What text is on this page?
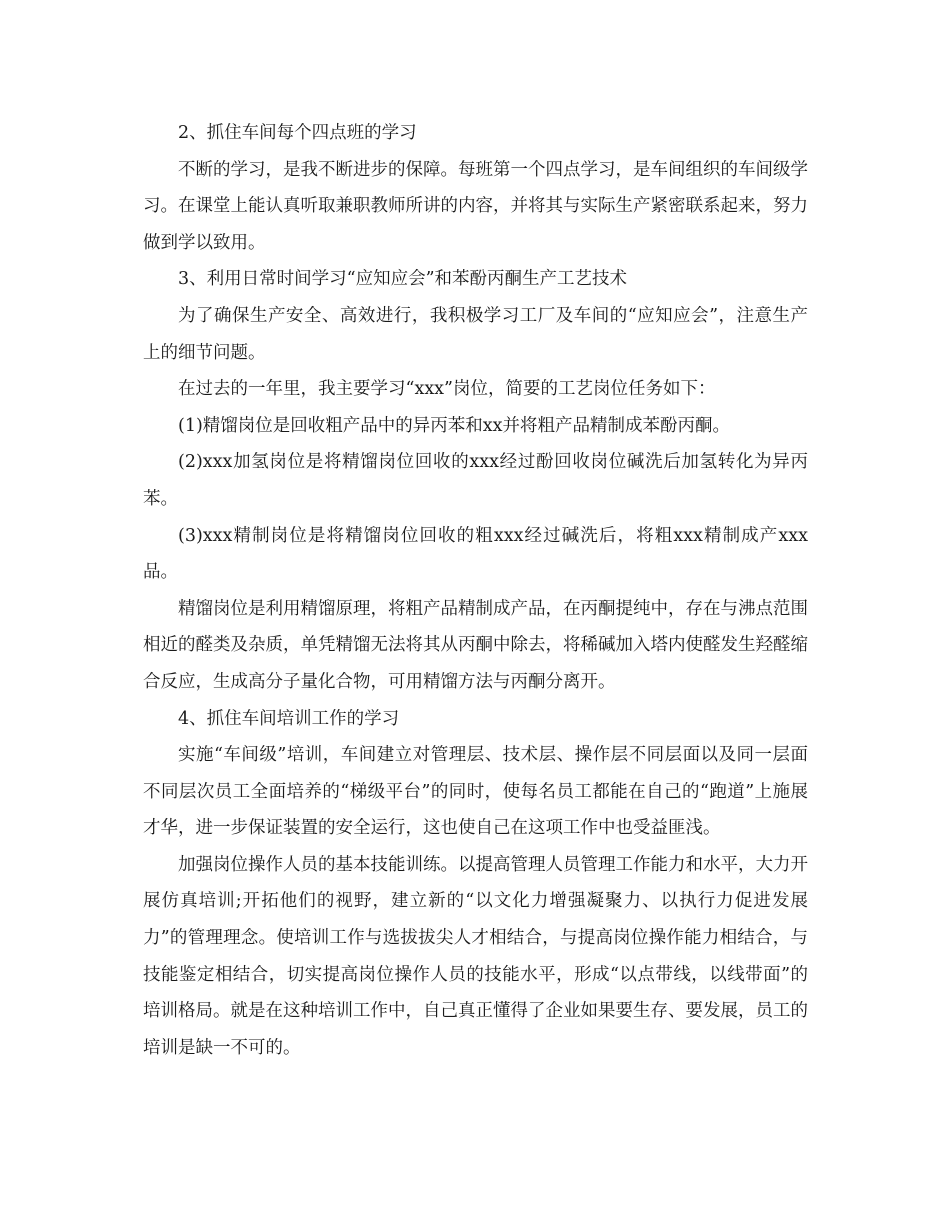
2、抓住车间每个四点班的学习

不断的学习，是我不断进步的保障。每班第一个四点学习，是车间组织的车间级学习。在课堂上能认真听取兼职教师所讲的内容，并将其与实际生产紧密联系起来，努力做到学以致用。

3、利用日常时间学习“应知应会”和苯酚丙酮生产工艺技术

为了确保生产安全、高效进行，我积极学习工厂及车间的“应知应会”，注意生产上的细节问题。

在过去的一年里，我主要学习“xxx”岗位，简要的工艺岗位任务如下：

(1)精馏岗位是回收粗产品中的异丙苯和xx并将粗产品精制成苯酚丙酮。

(2)xxx加氢岗位是将精馏岗位回收的xxx经过酚回收岗位碱洗后加氢转化为异丙苯。

(3)xxx精制岗位是将精馏岗位回收的粗xxx经过碱洗后，将粗xxx精制成产xxx品。

精馏岗位是利用精馏原理，将粗产品精制成产品，在丙酮提纯中，存在与沸点范围相近的醛类及杂质，单凭精馏无法将其从丙酮中除去，将稀碱加入塔内使醛发生羟醛缩合反应，生成高分子量化合物，可用精馏方法与丙酮分离开。

4、抓住车间培训工作的学习

实施“车间级”培训，车间建立对管理层、技术层、操作层不同层面以及同一层面不同层次员工全面培养的“梯级平台”的同时，使每名员工都能在自己的“跑道”上施展才华，进一步保证装置的安全运行，这也使自己在这项工作中也受益匪浅。

加强岗位操作人员的基本技能训练。以提高管理人员管理工作能力和水平，大力开展仿真培训;开拓他们的视野，建立新的“以文化力增强凝聚力、以执行力促进发展力”的管理理念。使培训工作与选拔拔尖人才相结合，与提高岗位操作能力相结合，与技能鉴定相结合，切实提高岗位操作人员的技能水平，形成“以点带线，以线带面”的培训格局。就是在这种培训工作中，自己真正懂得了企业如果要生存、要发展，员工的培训是缺一不可的。
